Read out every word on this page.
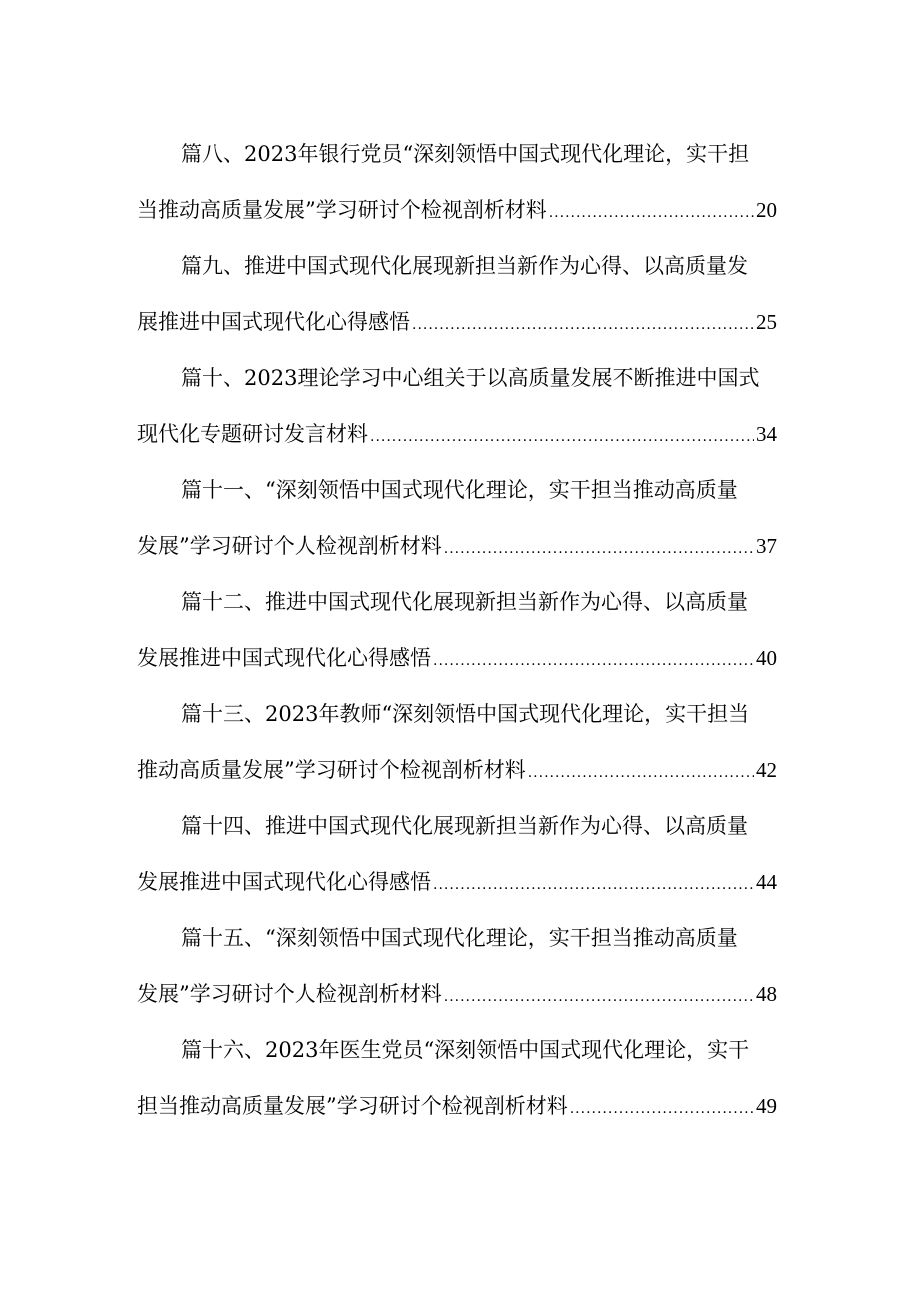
篇八、2023年银行党员“深刻领悟中国式现代化理论，实干担
当推动高质量发展”学习研讨个检视剖析材料 .....	20
篇九、推进中国式现代化展现新担当新作为心得、以高质量发
展推进中国式现代化心得感悟 .....	25
篇十、2023理论学习中心组关于以高质量发展不断推进中国式
现代化专题研讨发言材料 .....	34
篇十一、“深刻领悟中国式现代化理论，实干担当推动高质量
发展”学习研讨个人检视剖析材料 .....	37
篇十二、推进中国式现代化展现新担当新作为心得、以高质量
发展推进中国式现代化心得感悟 .....	40
篇十三、2023年教师“深刻领悟中国式现代化理论，实干担当
推动高质量发展”学习研讨个检视剖析材料 .....	42
篇十四、推进中国式现代化展现新担当新作为心得、以高质量
发展推进中国式现代化心得感悟 .....	44
篇十五、“深刻领悟中国式现代化理论，实干担当推动高质量
发展”学习研讨个人检视剖析材料 .....	48
篇十六、2023年医生党员“深刻领悟中国式现代化理论，实干
担当推动高质量发展”学习研讨个检视剖析材料 .....	49
